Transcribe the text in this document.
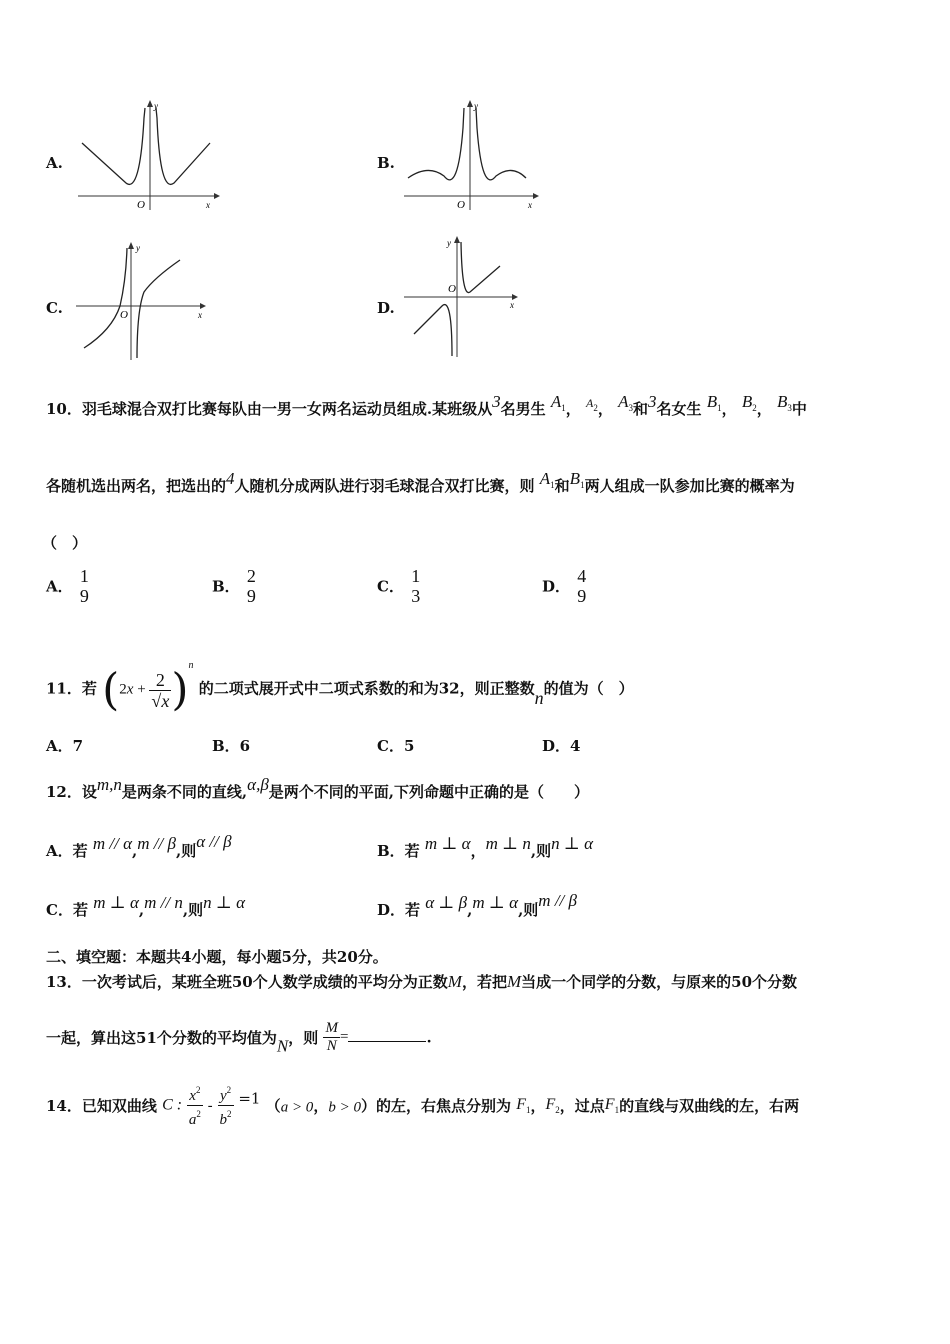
A.
y
x
O
B.
y
x
O
C.
y
x
O	D.
y
x
O
10．羽毛球混合双打比赛每队由一男一女两名运动员组成.某班级从3名男生 $A_1$， $^{A_2}$， $A_3$和3名女生 $B_1$， $B_2$， $B_3$中
各随机选出两名，把选出的4人随机分成两队进行羽毛球混合双打比赛，则 $A_1$和$B_1$两人组成一队参加比赛的概率为
（　）
A．
1
9	B．
2
9	C．
1
3	D．
4
9
11．若 $(2x + \frac{2}{√x} )^n$ 的二项式展开式中二项式系数的和为32，则正整数n的值为（　）
A．7	B．6	C．5	D．4
12．设m,n是两条不同的直线,α,β是两个不同的平面,下列命题中正确的是（　　）
A．若 m // α,m // β,则α // β	B．若 m ⊥ α，m ⊥ n,则n ⊥ α
C．若 m ⊥ α,m // n,则n ⊥ α	D．若 α ⊥ β,m ⊥ α,则m // β
二、填空题：本题共4小题，每小题5分，共20分。
13．一次考试后，某班全班50个人数学成绩的平均分为正数M，若把M当成一个同学的分数，与原来的50个分数
一起，算出这51个分数的平均值为N，则 $\frac{M}{N}$ =	.
14．已知双曲线 C : $\frac{x^2}{a^2} - \frac{y^2}{b^2} =1$ （a > 0，b > 0）的左，右焦点分别为 $F_1$，$F_2$，过点$F_1$的直线与双曲线的左，右两
